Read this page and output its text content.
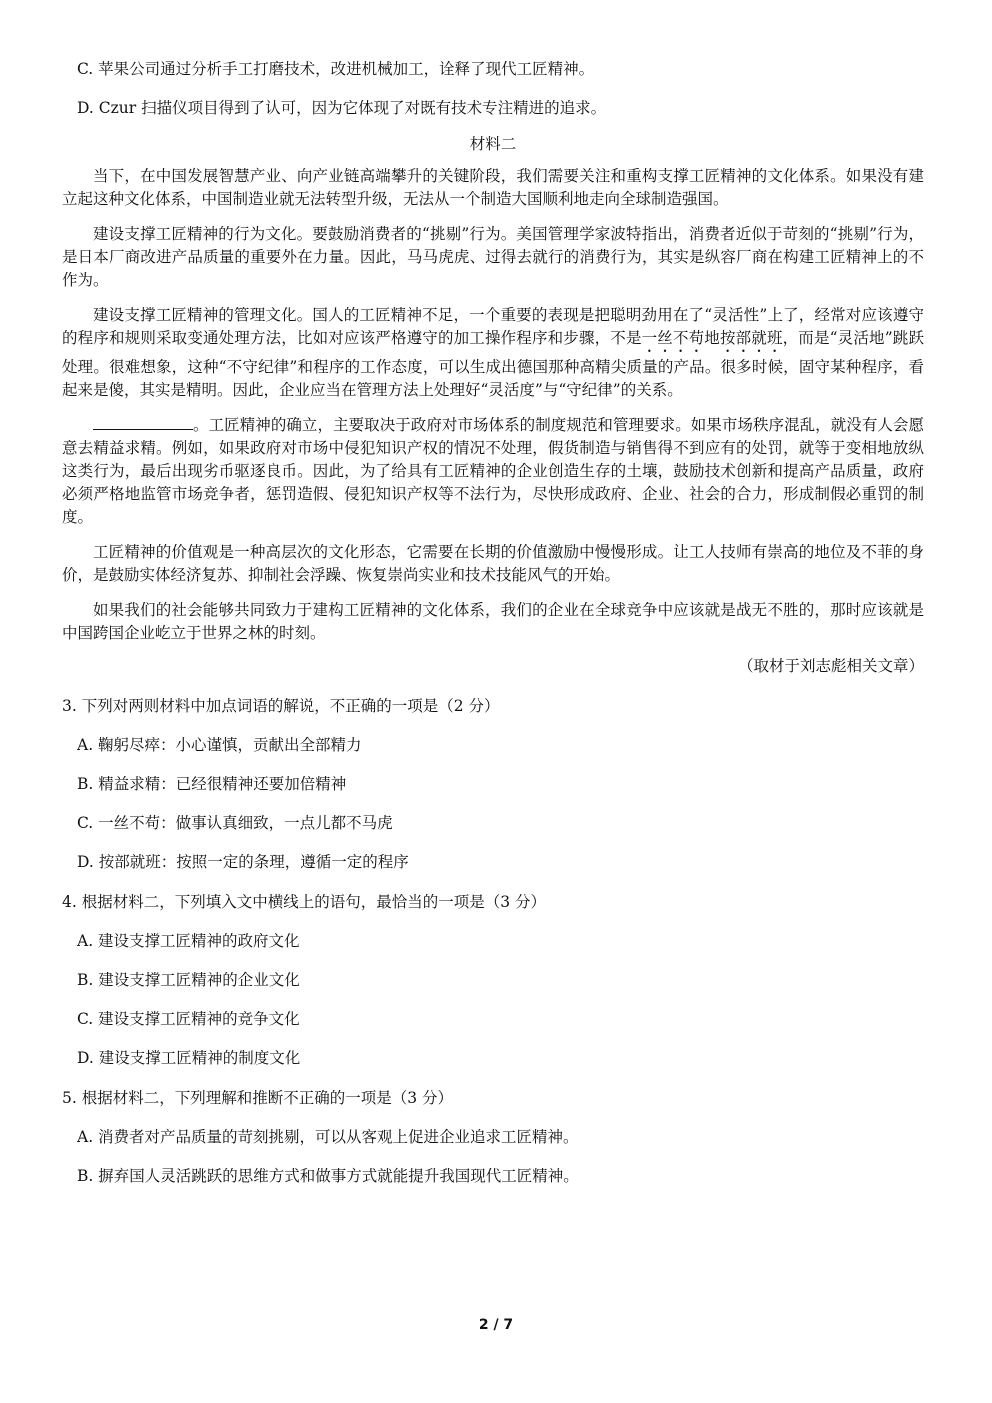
C. 苹果公司通过分析手工打磨技术，改进机械加工，诠释了现代工匠精神。

D. Czur 扫描仪项目得到了认可，因为它体现了对既有技术专注精进的追求。

材料二

当下，在中国发展智慧产业、向产业链高端攀升的关键阶段，我们需要关注和重构支撑工匠精神的文化体系。如果没有建立起这种文化体系，中国制造业就无法转型升级，无法从一个制造大国顺利地走向全球制造强国。

建设支撑工匠精神的行为文化。要鼓励消费者的“挑剔”行为。美国管理学家波特指出，消费者近似于苛刻的“挑剔”行为，是日本厂商改进产品质量的重要外在力量。因此，马马虎虎、过得去就行的消费行为，其实是纵容厂商在构建工匠精神上的不作为。

建设支撑工匠精神的管理文化。国人的工匠精神不足，一个重要的表现是把聪明劲用在了“灵活性”上了，经常对应该遵守的程序和规则采取变通处理方法，比如对应该严格遵守的加工操作程序和步骤，不是一丝不苟地按部就班，而是“灵活地”跳跃处理。很难想象，这种“不守纪律”和程序的工作态度，可以生成出德国那种高精尖质量的产品。很多时候，固守某种程序，看起来是傻，其实是精明。因此，企业应当在管理方法上处理好“灵活度”与“守纪律”的关系。

。工匠精神的确立，主要取决于政府对市场体系的制度规范和管理要求。如果市场秩序混乱，就没有人会愿意去精益求精。例如，如果政府对市场中侵犯知识产权的情况不处理，假货制造与销售得不到应有的处罚，就等于变相地放纵这类行为，最后出现劣币驱逐良币。因此，为了给具有工匠精神的企业创造生存的土壤，鼓励技术创新和提高产品质量，政府必须严格地监管市场竞争者，惩罚造假、侵犯知识产权等不法行为，尽快形成政府、企业、社会的合力，形成制假必重罚的制度。

工匠精神的价值观是一种高层次的文化形态，它需要在长期的价值激励中慢慢形成。让工人技师有崇高的地位及不菲的身价，是鼓励实体经济复苏、抑制社会浮躁、恢复崇尚实业和技术技能风气的开始。

如果我们的社会能够共同致力于建构工匠精神的文化体系，我们的企业在全球竞争中应该就是战无不胜的，那时应该就是中国跨国企业屹立于世界之林的时刻。

（取材于刘志彪相关文章）

3. 下列对两则材料中加点词语的解说，不正确的一项是（2 分）

A. 鞠躬尽瘁：小心谨慎，贡献出全部精力

B. 精益求精：已经很精神还要加倍精神

C. 一丝不苟：做事认真细致，一点儿都不马虎

D. 按部就班：按照一定的条理，遵循一定的程序

4. 根据材料二，下列填入文中横线上的语句，最恰当的一项是（3 分）

A. 建设支撑工匠精神的政府文化

B. 建设支撑工匠精神的企业文化

C. 建设支撑工匠精神的竞争文化

D. 建设支撑工匠精神的制度文化

5. 根据材料二，下列理解和推断不正确的一项是（3 分）

A. 消费者对产品质量的苛刻挑剔，可以从客观上促进企业追求工匠精神。

B. 摒弃国人灵活跳跃的思维方式和做事方式就能提升我国现代工匠精神。

2 / 7
